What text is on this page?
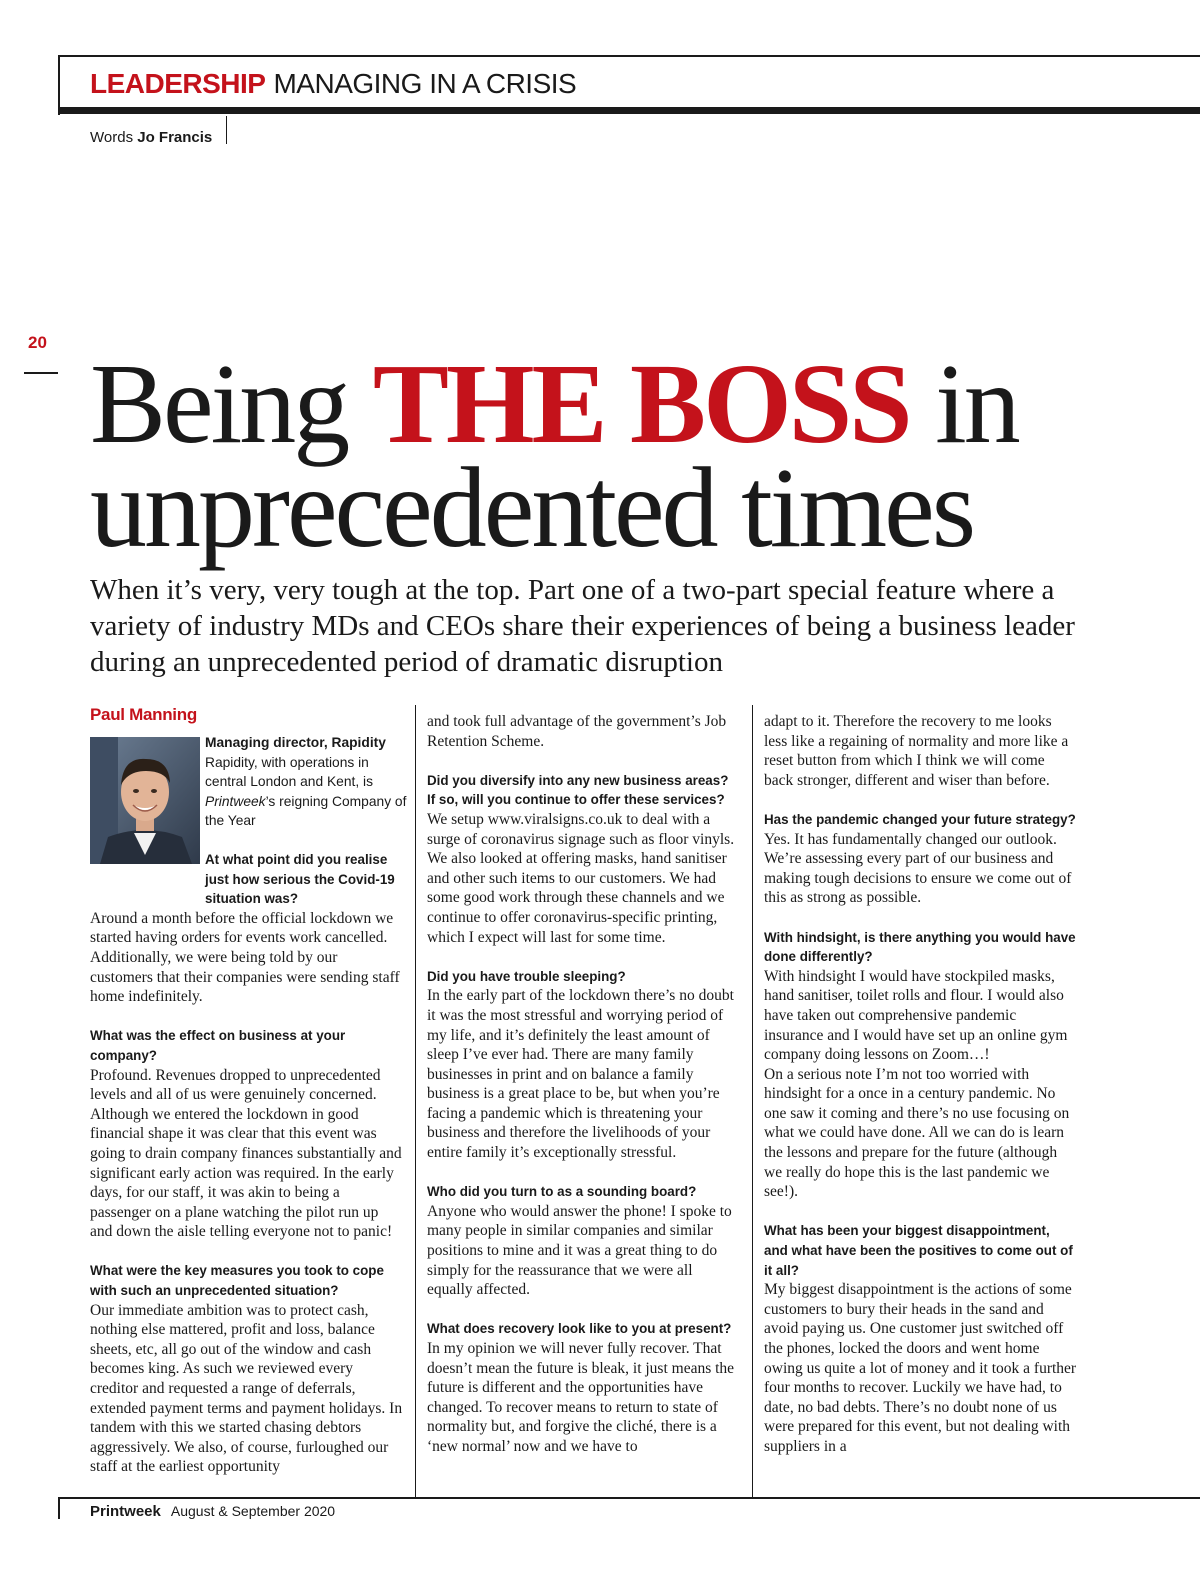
LEADERSHIP MANAGING IN A CRISIS
Words Jo Francis
20 Being THE BOSS in
unprecedented times
When it’s very, very tough at the top. Part one of a two-part special feature where a variety of industry MDs and CEOs share their experiences of being a business leader during an unprecedented period of dramatic disruption
Paul Manning
Managing director, Rapidity
Rapidity, with operations in central London and Kent, is Printweek’s reigning Company of the Year

At what point did you realise just how serious the Covid-19 situation was?
Around a month before the official lockdown we started having orders for events work cancelled. Additionally, we were being told by our customers that their companies were sending staff home indefinitely.

What was the effect on business at your company?
Profound. Revenues dropped to unprecedented levels and all of us were genuinely concerned. Although we entered the lockdown in good financial shape it was clear that this event was going to drain company finances substantially and significant early action was required. In the early days, for our staff, it was akin to being a passenger on a plane watching the pilot run up and down the aisle telling everyone not to panic!

What were the key measures you took to cope with such an unprecedented situation?
Our immediate ambition was to protect cash, nothing else mattered, profit and loss, balance sheets, etc, all go out of the window and cash becomes king. As such we reviewed every creditor and requested a range of deferrals, extended payment terms and payment holidays. In tandem with this we started chasing debtors aggressively. We also, of course, furloughed our staff at the earliest opportunity

and took full advantage of the government’s Job Retention Scheme.

Did you diversify into any new business areas? If so, will you continue to offer these services?
We setup www.viralsigns.co.uk to deal with a surge of coronavirus signage such as floor vinyls. We also looked at offering masks, hand sanitiser and other such items to our customers. We had some good work through these channels and we continue to offer coronavirus-specific printing, which I expect will last for some time.

Did you have trouble sleeping?
In the early part of the lockdown there’s no doubt it was the most stressful and worrying period of my life, and it’s definitely the least amount of sleep I’ve ever had. There are many family businesses in print and on balance a family business is a great place to be, but when you’re facing a pandemic which is threatening your business and therefore the livelihoods of your entire family it’s exceptionally stressful.

Who did you turn to as a sounding board?
Anyone who would answer the phone! I spoke to many people in similar companies and similar positions to mine and it was a great thing to do simply for the reassurance that we were all equally affected.

What does recovery look like to you at present?
In my opinion we will never fully recover. That doesn’t mean the future is bleak, it just means the future is different and the opportunities have changed. To recover means to return to state of normality but, and forgive the cliché, there is a ‘new normal’ now and we have to

adapt to it. Therefore the recovery to me looks less like a regaining of normality and more like a reset button from which I think we will come back stronger, different and wiser than before.

Has the pandemic changed your future strategy?
Yes. It has fundamentally changed our outlook. We’re assessing every part of our business and making tough decisions to ensure we come out of this as strong as possible.

With hindsight, is there anything you would have done differently?
With hindsight I would have stockpiled masks, hand sanitiser, toilet rolls and flour. I would also have taken out comprehensive pandemic insurance and I would have set up an online gym company doing lessons on Zoom…!
On a serious note I’m not too worried with hindsight for a once in a century pandemic. No one saw it coming and there’s no use focusing on what we could have done. All we can do is learn the lessons and prepare for the future (although we really do hope this is the last pandemic we see!).

What has been your biggest disappointment, and what have been the positives to come out of it all?
My biggest disappointment is the actions of some customers to bury their heads in the sand and avoid paying us. One customer just switched off the phones, locked the doors and went home owing us quite a lot of money and it took a further four months to recover. Luckily we have had, to date, no bad debts. There’s no doubt none of us were prepared for this event, but not dealing with suppliers in a

Printweek August & September 2020
